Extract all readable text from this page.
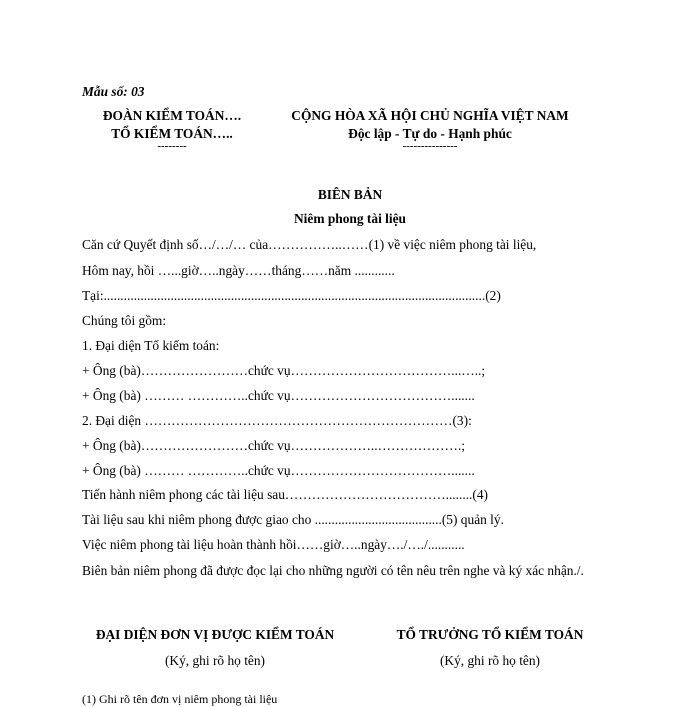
Mẫu số: 03
ĐOÀN KIỂM TOÁN….
TỔ KIỂM TOÁN…..
--------
CỘNG HÒA XÃ HỘI CHỦ NGHĨA VIỆT NAM
Độc lập - Tự do - Hạnh phúc
---------------
BIÊN BẢN
Niêm phong tài liệu
Căn cứ Quyết định số…/…/… của……………..……(1) về việc niêm phong tài liệu,
Hôm nay, hồi …...giờ…..ngày……tháng……năm ............
Tại:..................................................................................................................(2)
Chúng tôi gồm:
1. Đại diện Tổ kiểm toán:
+ Ông (bà)……………………chức vụ………………………………...…..;
+ Ông (bà) ……… …………..chức vụ……………………………….......
2. Đại diện ……………………………………………………………(3):
+ Ông (bà)……………………chức vụ………………..……………….;
+ Ông (bà) ……… …………..chức vụ……………………………….......
Tiến hành niêm phong các tài liệu sau………………………………........(4)
Tài liệu sau khi niêm phong được giao cho ......................................(5) quản lý.
Việc niêm phong tài liệu hoàn thành hồi……giờ…..ngày…./…./...........
Biên bản niêm phong đã được đọc lại cho những người có tên nêu trên nghe và ký xác nhận./.
ĐẠI DIỆN ĐƠN VỊ ĐƯỢC KIỂM TOÁN
(Ký, ghi rõ họ tên)
TỔ TRƯỞNG TỔ KIỂM TOÁN
(Ký, ghi rõ họ tên)
(1) Ghi rõ tên đơn vị niêm phong tài liệu
